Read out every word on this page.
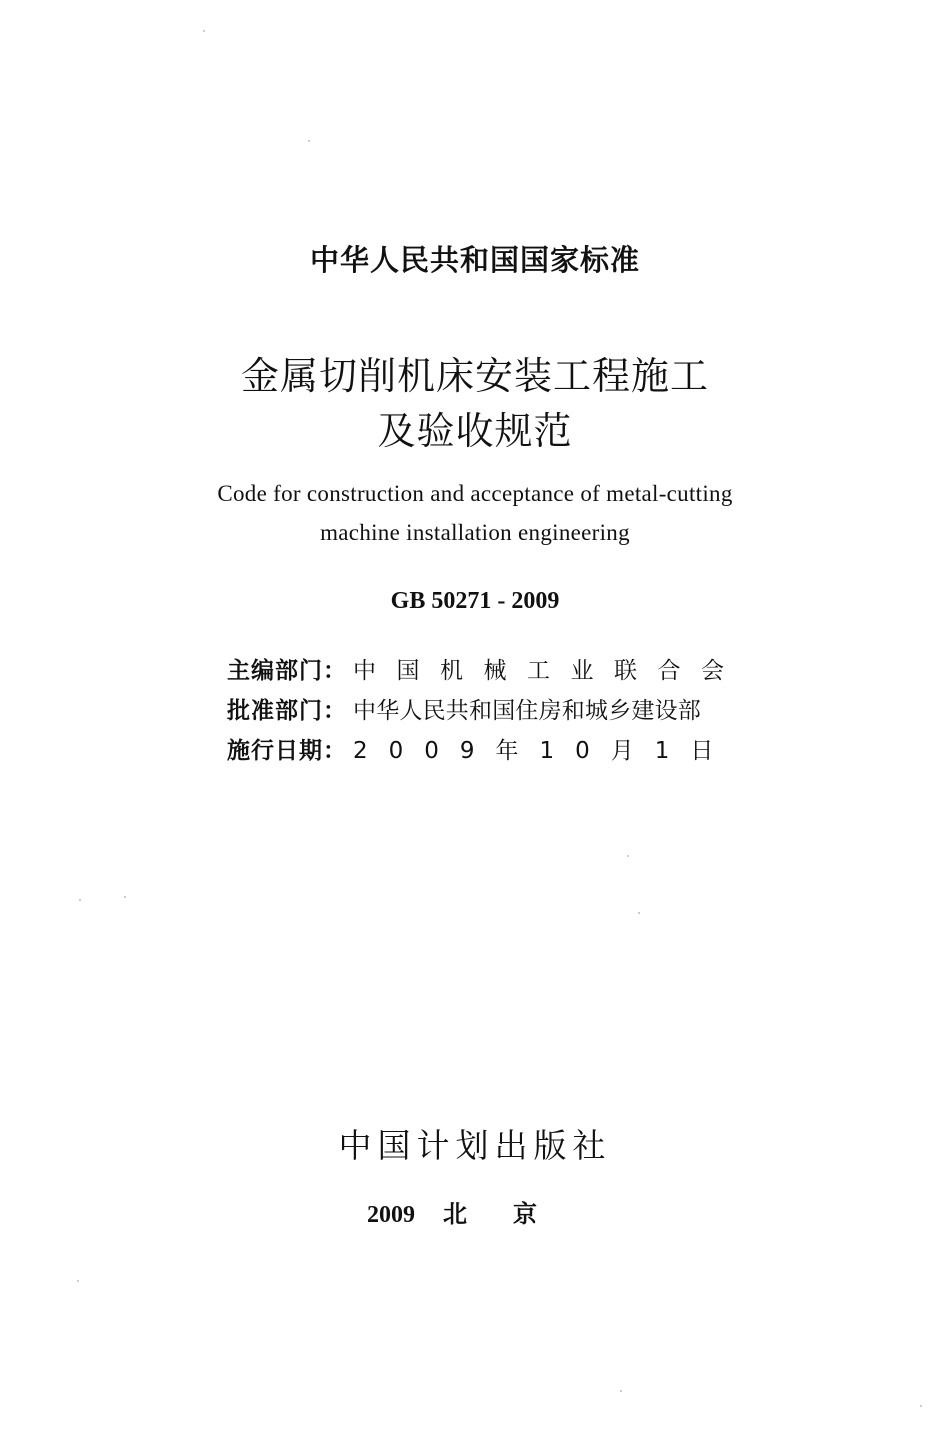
中华人民共和国国家标准
金属切削机床安装工程施工
及验收规范
Code for construction and acceptance of metal-cutting
machine installation engineering
GB 50271 - 2009
主编部门： 中国机械工业联合会
批准部门： 中华人民共和国住房和城乡建设部
施行日期： 2009年10月1日
中国计划出版社
2009 北京
